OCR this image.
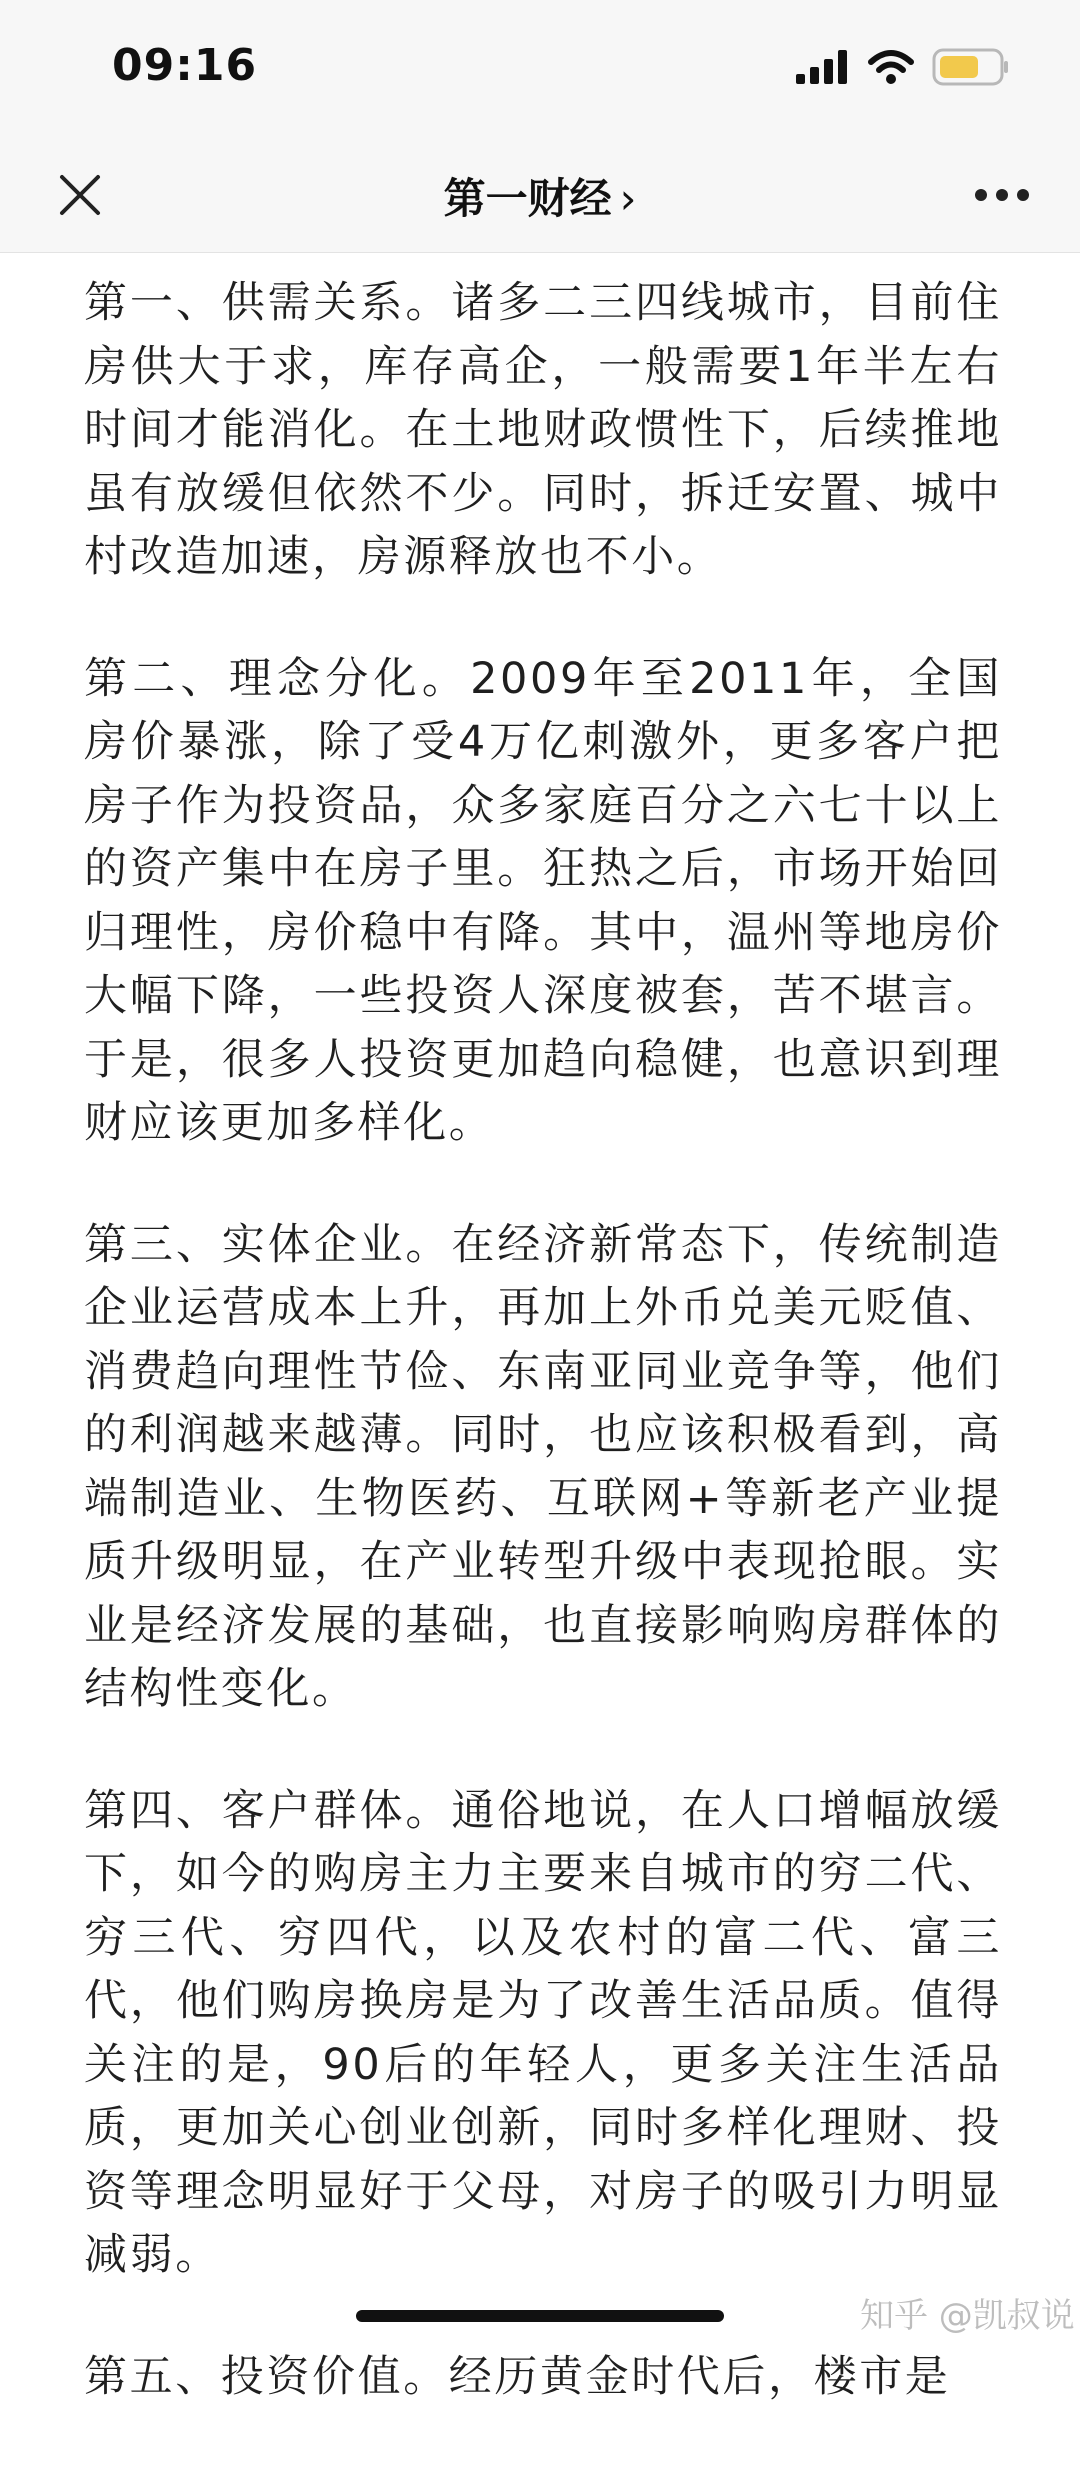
09:16
第一财经 ›

第一、供需关系。诸多二三四线城市，目前住房供大于求，库存高企，一般需要1年半左右时间才能消化。在土地财政惯性下，后续推地虽有放缓但依然不少。同时，拆迁安置、城中村改造加速，房源释放也不小。

第二、理念分化。2009年至2011年，全国房价暴涨，除了受4万亿刺激外，更多客户把房子作为投资品，众多家庭百分之六七十以上的资产集中在房子里。狂热之后，市场开始回归理性，房价稳中有降。其中，温州等地房价大幅下降，一些投资人深度被套，苦不堪言。于是，很多人投资更加趋向稳健，也意识到理财应该更加多样化。

第三、实体企业。在经济新常态下，传统制造企业运营成本上升，再加上外币兑美元贬值、消费趋向理性节俭、东南亚同业竞争等，他们的利润越来越薄。同时，也应该积极看到，高端制造业、生物医药、互联网+等新老产业提质升级明显，在产业转型升级中表现抢眼。实业是经济发展的基础，也直接影响购房群体的结构性变化。

第四、客户群体。通俗地说，在人口增幅放缓下，如今的购房主力主要来自城市的穷二代、穷三代、穷四代，以及农村的富二代、富三代，他们购房换房是为了改善生活品质。值得关注的是，90后的年轻人，更多关注生活品质，更加关心创业创新，同时多样化理财、投资等理念明显好于父母，对房子的吸引力明显减弱。

第五、投资价值。经历黄金时代后，楼市是

知乎 @凯叔说
